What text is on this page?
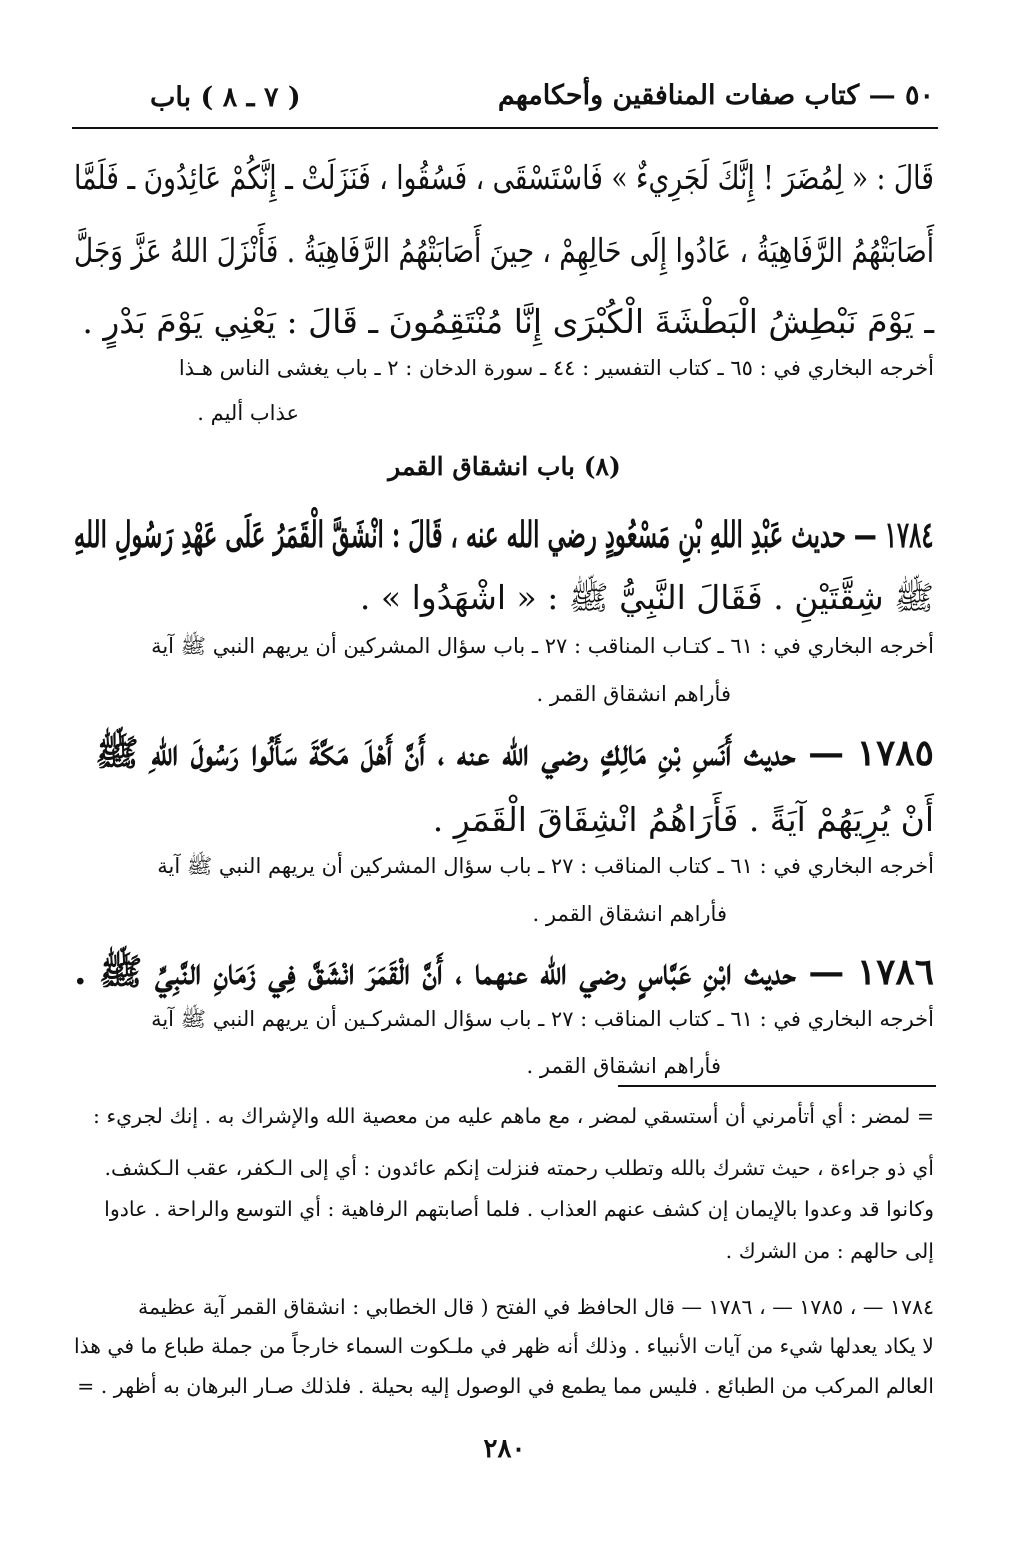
٥٠ — كتاب صفات المنافقين وأحكامهم
( ٧ ـ ٨ ) باب
قَالَ : « لِمُضَرَ ! إِنَّكَ لَجَرِيءٌ » فَاسْتَسْقَى ، فَسُقُوا ، فَنَزَلَتْ ـ إِنَّكُمْ عَائِدُونَ ـ فَلَمَّا
أَصَابَتْهُمُ الرَّفَاهِيَةُ ، عَادُوا إِلَى حَالِهِمْ ، حِينَ أَصَابَتْهُمُ الرَّفَاهِيَةُ . فَأَنْزَلَ اللهُ عَزَّ وَجَلَّ
ـ يَوْمَ نَبْطِشُ الْبَطْشَةَ الْكُبْرَى إِنَّا مُنْتَقِمُونَ ـ قَالَ : يَعْنِي يَوْمَ بَدْرٍ .
أخرجه البخاري في : ٦٥ ـ كتاب التفسير : ٤٤ ـ سورة الدخان : ٢ ـ باب يغشى الناس هـذا
عذاب أليم .
(٨) باب انشقاق القمر
١٧٨٤ — حديث عَبْدِ اللهِ بْنِ مَسْعُودٍ رضي الله عنه ، قَالَ : انْشَقَّ الْقَمَرُ عَلَى عَهْدِ رَسُولِ اللهِ
ﷺ شِقَّتَيْنِ . فَقَالَ النَّبِيُّ ﷺ : « اشْهَدُوا » .
أخرجه البخاري في : ٦١ ـ كتـاب المناقب : ٢٧ ـ باب سؤال المشركين أن يريهم النبي ﷺ آية
فأراهم انشقاق القمر .
١٧٨٥ — حديث أَنَسِ بْنِ مَالِكٍ رضي الله عنه ، أَنَّ أَهْلَ مَكَّةَ سَأَلُوا رَسُولَ اللهِ ﷺ
أَنْ يُرِيَهُمْ آيَةً . فَأَرَاهُمُ انْشِقَاقَ الْقَمَرِ .
أخرجه البخاري في : ٦١ ـ كتاب المناقب : ٢٧ ـ باب سؤال المشركين أن يريهم النبي ﷺ آية
فأراهم انشقاق القمر .
١٧٨٦ — حديث ابْنِ عَبَّاسٍ رضي الله عنهما ، أَنَّ الْقَمَرَ انْشَقَّ فِي زَمَانِ النَّبِيِّ ﷺ .
أخرجه البخاري في : ٦١ ـ كتاب المناقب : ٢٧ ـ باب سؤال المشركـين أن يريهم النبي ﷺ آية
فأراهم انشقاق القمر .
= لمضر : أي أتأمرني أن أستسقي لمضر ، مع ماهم عليه من معصية الله والإشراك به . إنك لجريء :
أي ذو جراءة ، حيث تشرك بالله وتطلب رحمته فنزلت إنكم عائدون : أي إلى الـكفر، عقب الـكشف.
وكانوا قد وعدوا بالإيمان إن كشف عنهم العذاب . فلما أصابتهم الرفاهية : أي التوسع والراحة . عادوا
إلى حالهم : من الشرك .
١٧٨٤ — ، ١٧٨٥ — ، ١٧٨٦ — قال الحافظ في الفتح ( قال الخطابي : انشقاق القمر آية عظيمة
لا يكاد يعدلها شيء من آيات الأنبياء . وذلك أنه ظهر في ملـكوت السماء خارجاً من جملة طباع ما في هذا
العالم المركب من الطبائع . فليس مما يطمع في الوصول إليه بحيلة . فلذلك صـار البرهان به أظهر . =
٢٨٠
